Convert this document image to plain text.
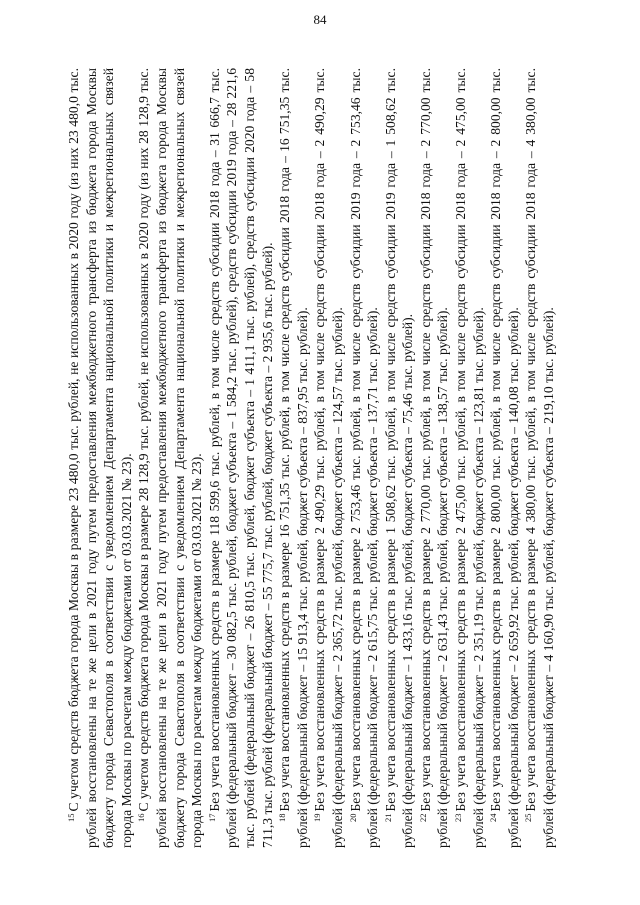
84

$^{15}$С учетом средств бюджета города Москвы в размере 23 480,0 тыс. рублей, не использованных в 2020 году (из них 23 480,0 тыс. рублей восстановлены на те же цели в 2021 году путем предоставления межбюджетного трансферта из бюджета города Москвы бюджету города Севастополя в соответствии с уведомлением Департамента национальной политики и межрегиональных связей города Москвы по расчетам между бюджетами от 03.03.2021 № 23). $^{16}$С учетом средств бюджета города Москвы в размере 28 128,9 тыс. рублей, не использованных в 2020 году (из них 28 128,9 тыс. рублей восстановлены на те же цели в 2021 году путем предоставления межбюджетного трансферта из бюджета города Москвы бюджету города Севастополя в соответствии с уведомлением Департамента национальной политики и межрегиональных связей города Москвы по расчетам между бюджетами от 03.03.2021 № 23). $^{17}$Без учета восстановленных средств в размере 118 599,6 тыс. рублей, в том числе средств субсидии 2018 года – 31 666,7 тыс. рублей (федеральный бюджет – 30 082,5 тыс. рублей, бюджет субъекта – 1 584,2 тыс. рублей), средств субсидии 2019 года – 28 221,6 тыс. рублей (федеральный бюджет – 26 810,5 тыс. рублей, бюджет субъекта – 1 411,1 тыс. рублей), средств субсидии 2020 года – 58 711,3 тыс. рублей (федеральный бюджет – 55 775,7 тыс. рублей, бюджет субъекта – 2 935,6 тыс. рублей). $^{18}$Без учета восстановленных средств в размере 16 751,35 тыс. рублей, в том числе средств субсидии 2018 года – 16 751,35 тыс. рублей (федеральный бюджет – 15 913,4 тыс. рублей, бюджет субъекта – 837,95 тыс. рублей). $^{19}$Без учета восстановленных средств в размере 2 490,29 тыс. рублей, в том числе средств субсидии 2018 года – 2 490,29 тыс. рублей (федеральный бюджет – 2 365,72 тыс. рублей, бюджет субъекта – 124,57 тыс. рублей). $^{20}$Без учета восстановленных средств в размере 2 753,46 тыс. рублей, в том числе средств субсидии 2019 года – 2 753,46 тыс. рублей (федеральный бюджет – 2 615,75 тыс. рублей, бюджет субъекта – 137,71 тыс. рублей). $^{21}$Без учета восстановленных средств в размере 1 508,62 тыс. рублей, в том числе средств субсидии 2019 года – 1 508,62 тыс. рублей (федеральный бюджет – 1 433,16 тыс. рублей, бюджет субъекта – 75,46 тыс. рублей). $^{22}$Без учета восстановленных средств в размере 2 770,00 тыс. рублей, в том числе средств субсидии 2018 года – 2 770,00 тыс. рублей (федеральный бюджет – 2 631,43 тыс. рублей, бюджет субъекта – 138,57 тыс. рублей). $^{23}$Без учета восстановленных средств в размере 2 475,00 тыс. рублей, в том числе средств субсидии 2018 года – 2 475,00 тыс. рублей (федеральный бюджет – 2 351,19 тыс. рублей, бюджет субъекта – 123,81 тыс. рублей). $^{24}$Без учета восстановленных средств в размере 2 800,00 тыс. рублей, в том числе средств субсидии 2018 года – 2 800,00 тыс. рублей (федеральный бюджет – 2 659,92 тыс. рублей, бюджет субъекта – 140,08 тыс. рублей). $^{25}$Без учета восстановленных средств в размере 4 380,00 тыс. рублей, в том числе средств субсидии 2018 года – 4 380,00 тыс. рублей (федеральный бюджет – 4 160,90 тыс. рублей, бюджет субъекта – 219,10 тыс. рублей).
